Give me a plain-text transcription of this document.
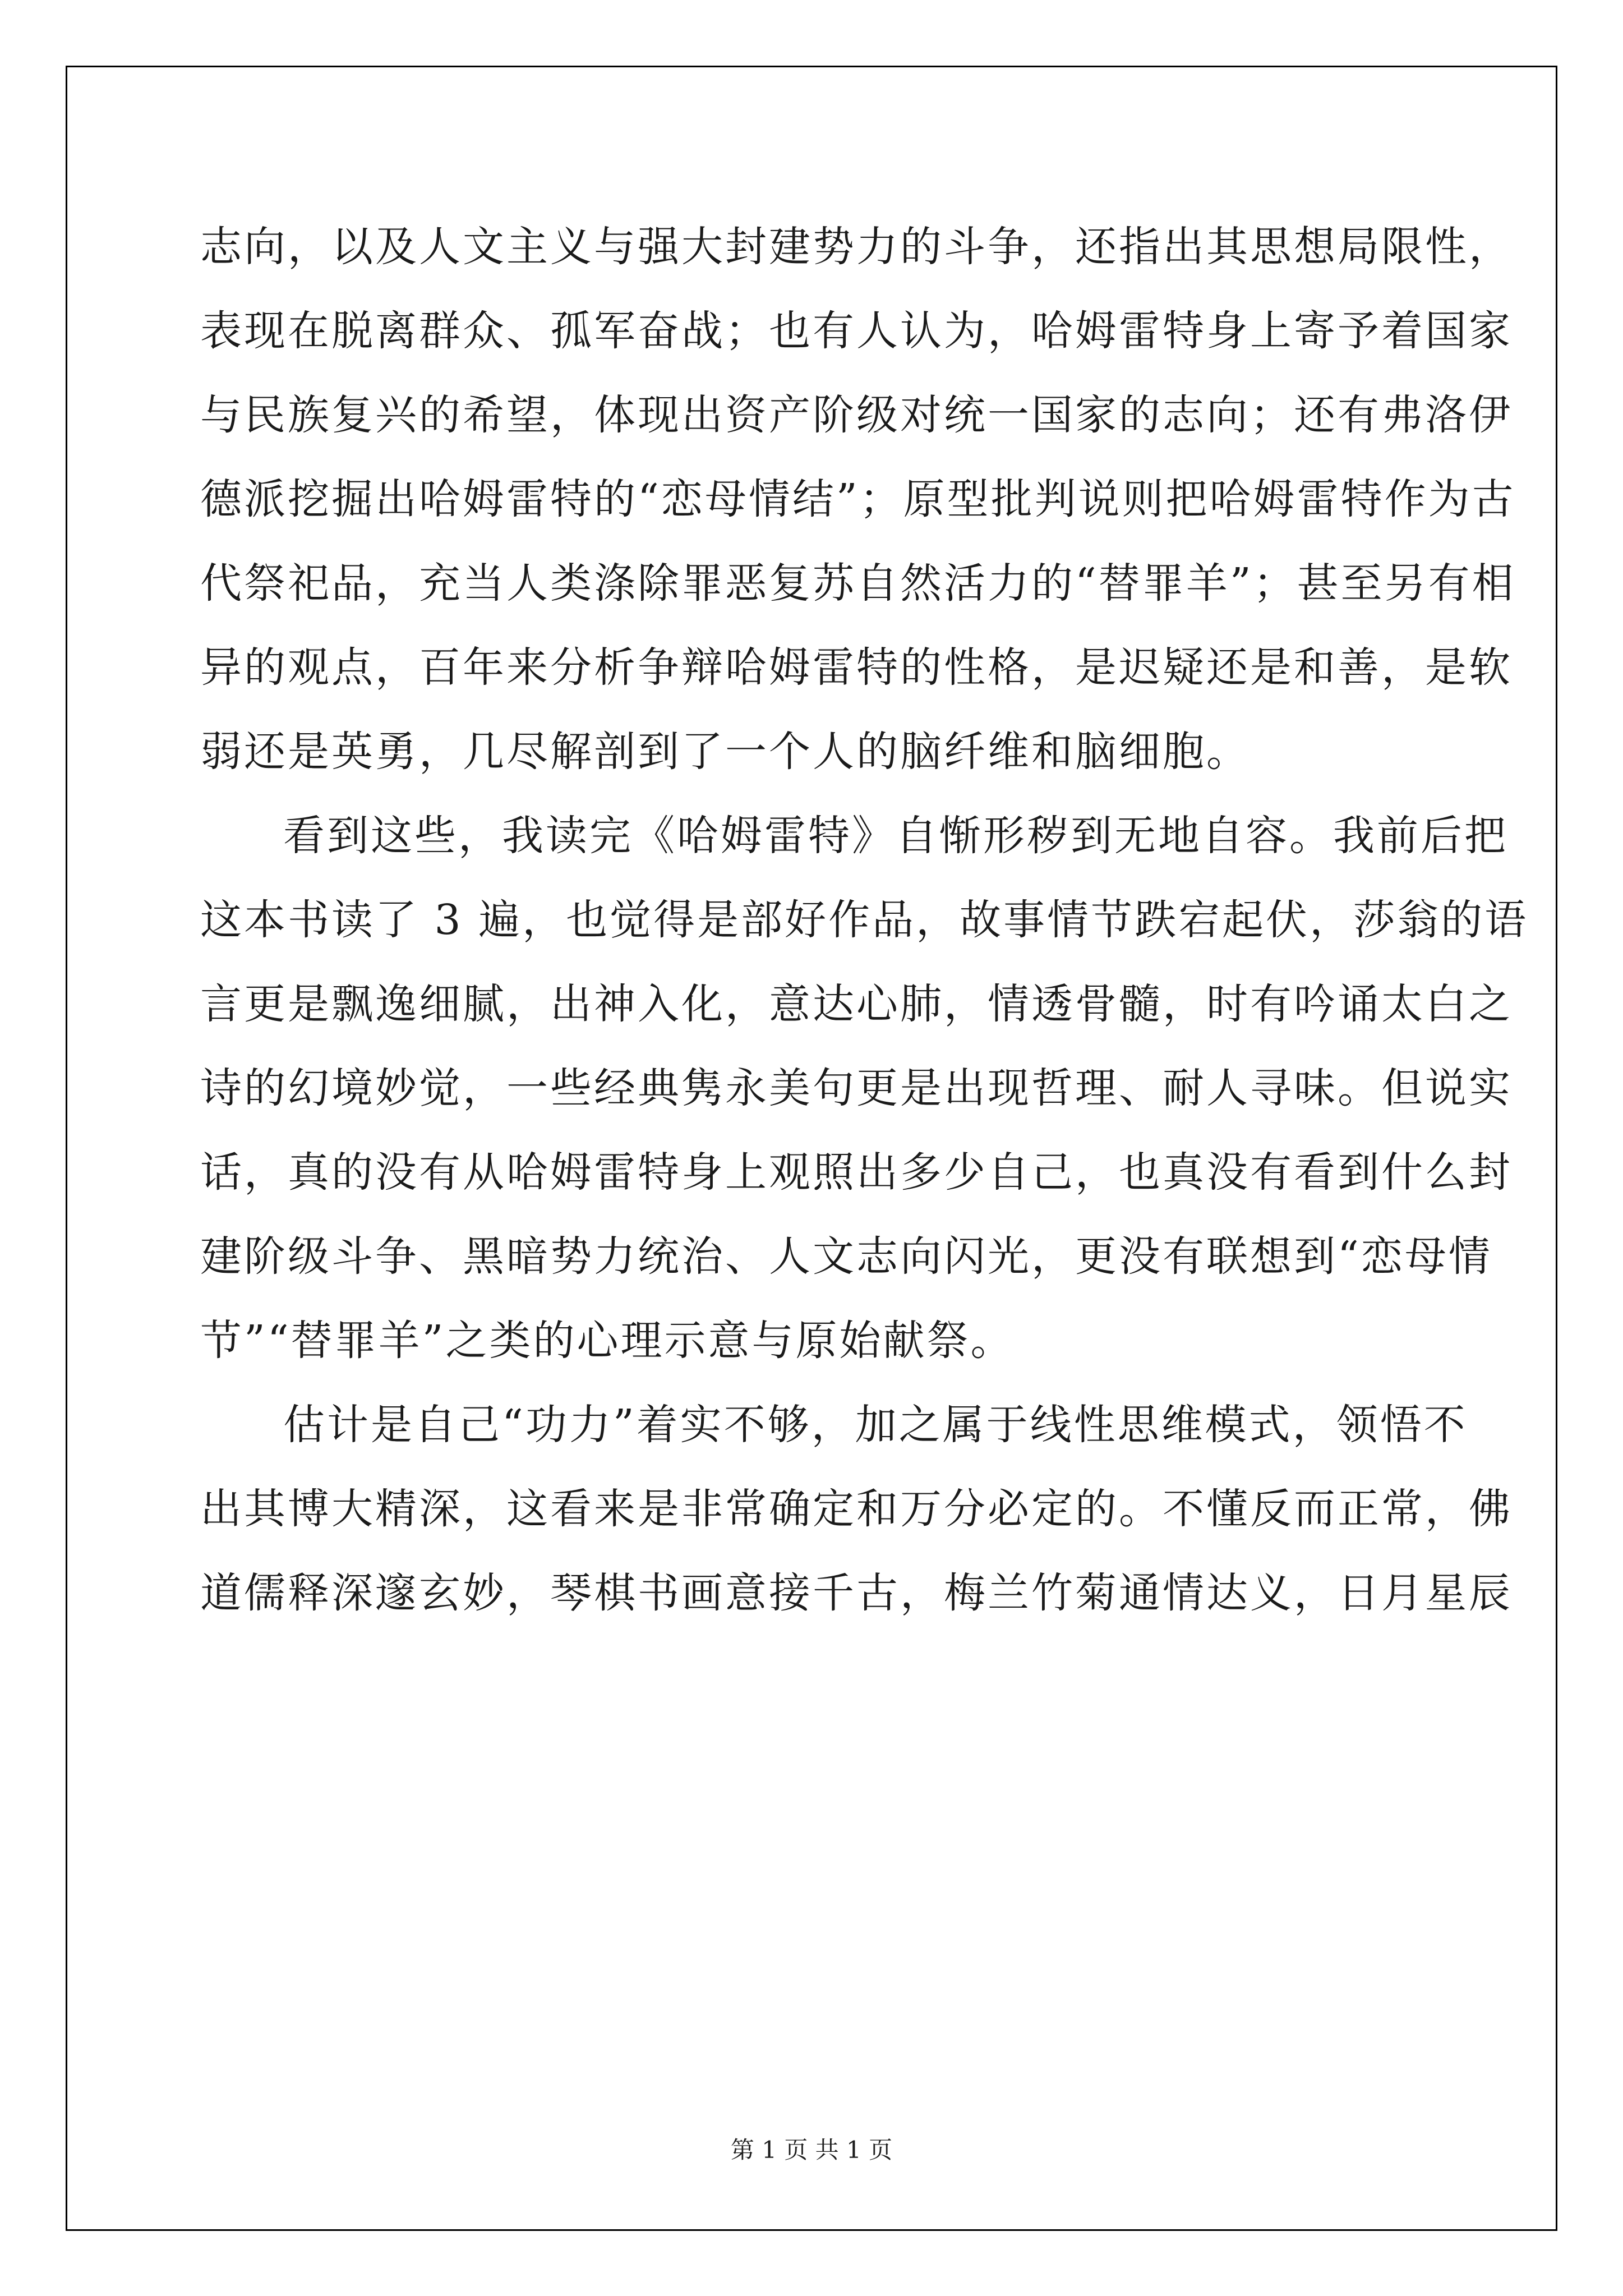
志向，以及人文主义与强大封建势力的斗争，还指出其思想局限性，
表现在脱离群众、孤军奋战；也有人认为，哈姆雷特身上寄予着国家
与民族复兴的希望，体现出资产阶级对统一国家的志向；还有弗洛伊
德派挖掘出哈姆雷特的“恋母情结”；原型批判说则把哈姆雷特作为古
代祭祀品，充当人类涤除罪恶复苏自然活力的“替罪羊”；甚至另有相
异的观点，百年来分析争辩哈姆雷特的性格，是迟疑还是和善，是软
弱还是英勇，几尽解剖到了一个人的脑纤维和脑细胞。
看到这些，我读完《哈姆雷特》自惭形秽到无地自容。我前后把
这本书读了 3 遍，也觉得是部好作品，故事情节跌宕起伏，莎翁的语
言更是飘逸细腻，出神入化，意达心肺，情透骨髓，时有吟诵太白之
诗的幻境妙觉，一些经典隽永美句更是出现哲理、耐人寻味。但说实
话，真的没有从哈姆雷特身上观照出多少自己，也真没有看到什么封
建阶级斗争、黑暗势力统治、人文志向闪光，更没有联想到“恋母情
节”“替罪羊”之类的心理示意与原始献祭。
估计是自己“功力”着实不够，加之属于线性思维模式，领悟不
出其博大精深，这看来是非常确定和万分必定的。不懂反而正常，佛
道儒释深邃玄妙，琴棋书画意接千古，梅兰竹菊通情达义，日月星辰
第 1 页 共 1 页
